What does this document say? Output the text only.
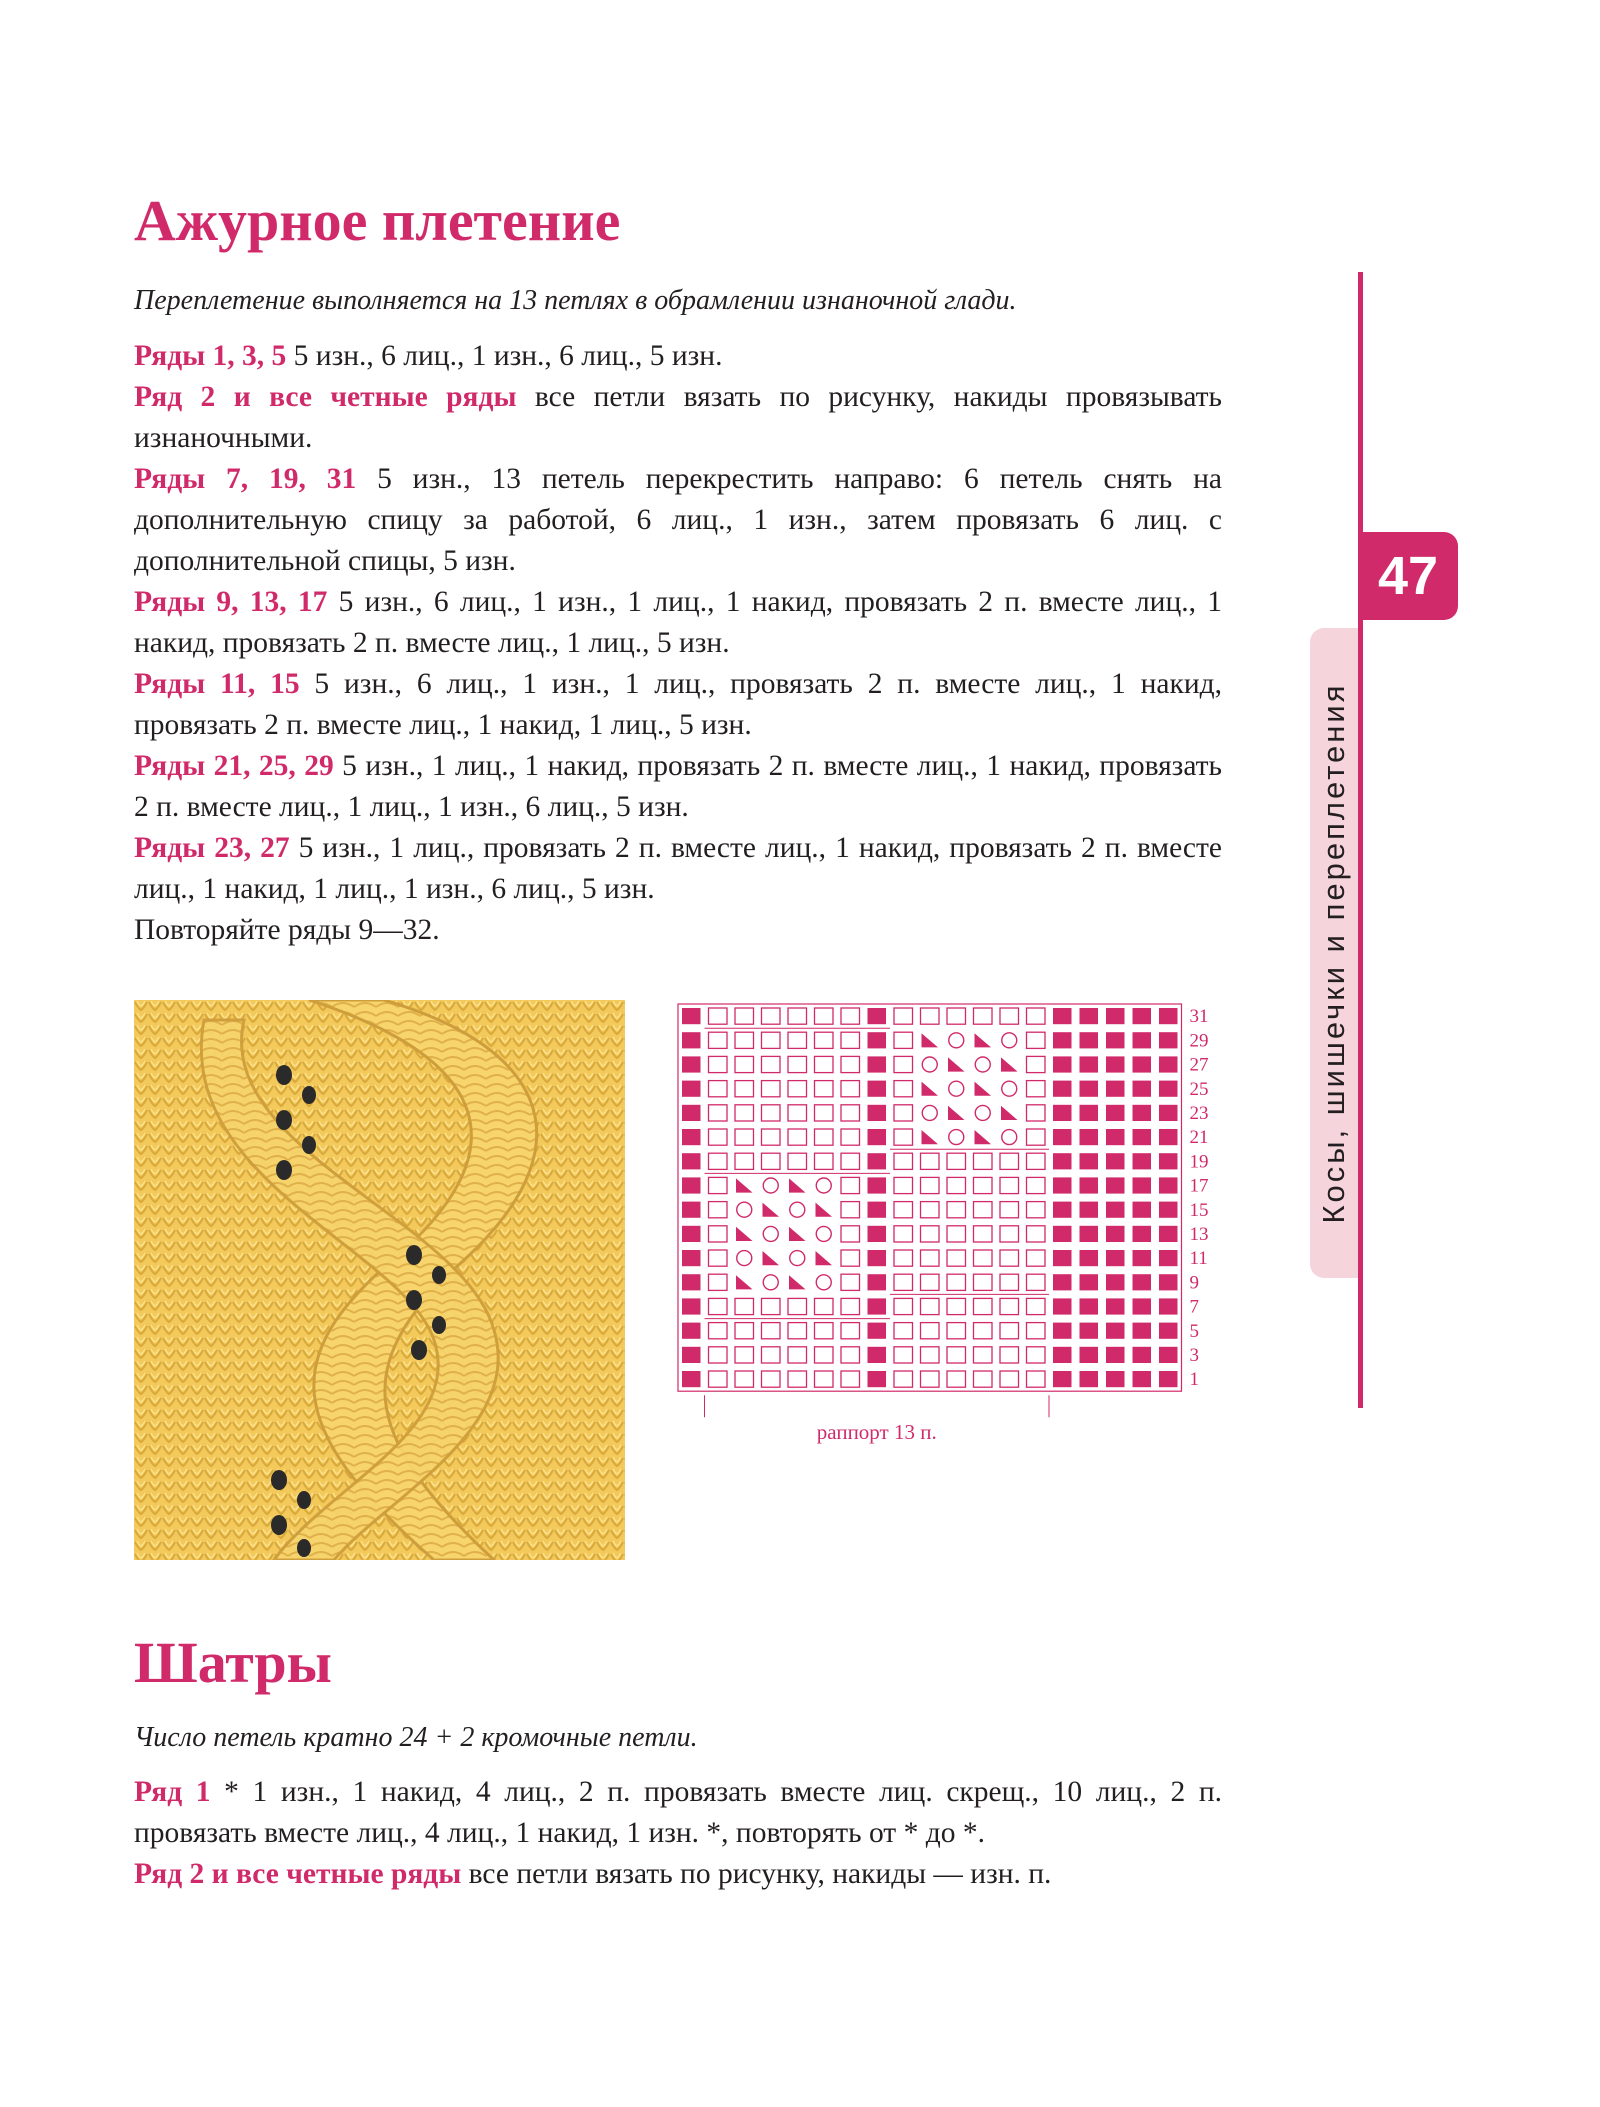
Ажурное плетение

Переплетение выполняется на 13 петлях в обрамлении изнаночной глади.

Ряды 1, 3, 5 5 изн., 6 лиц., 1 изн., 6 лиц., 5 изн.

Ряд 2 и все четные ряды все петли вязать по рисунку, накиды провязывать изнаночными.

Ряды 7, 19, 31 5 изн., 13 петель перекрестить направо: 6 петель снять на дополнительную спицу за работой, 6 лиц., 1 изн., затем провязать 6 лиц. с дополнительной спицы, 5 изн.

Ряды 9, 13, 17 5 изн., 6 лиц., 1 изн., 1 лиц., 1 накид, провязать 2 п. вместе лиц., 1 накид, провязать 2 п. вместе лиц., 1 лиц., 5 изн.

Ряды 11, 15 5 изн., 6 лиц., 1 изн., 1 лиц., провязать 2 п. вместе лиц., 1 накид, провязать 2 п. вместе лиц., 1 накид, 1 лиц., 5 изн.

Ряды 21, 25, 29 5 изн., 1 лиц., 1 накид, провязать 2 п. вместе лиц., 1 накид, провязать 2 п. вместе лиц., 1 лиц., 1 изн., 6 лиц., 5 изн.

Ряды 23, 27 5 изн., 1 лиц., провязать 2 п. вместе лиц., 1 накид, провязать 2 п. вместе лиц., 1 накид, 1 лиц., 1 изн., 6 лиц., 5 изн.

Повторяйте ряды 9—32.

31
29
27
25
23
21
19
17
15
13
11
9
7
5
3
1
раппорт 13 п.
Шатры

Число петель кратно 24 + 2 кромочные петли.

Ряд 1 * 1 изн., 1 накид, 4 лиц., 2 п. провязать вместе лиц. скрещ., 10 лиц., 2 п. провязать вместе лиц., 4 лиц., 1 накид, 1 изн. *, повторять от * до *.

Ряд 2 и все четные ряды все петли вязать по рисунку, накиды — изн. п.

Косы, шишечки и переплетения
47
